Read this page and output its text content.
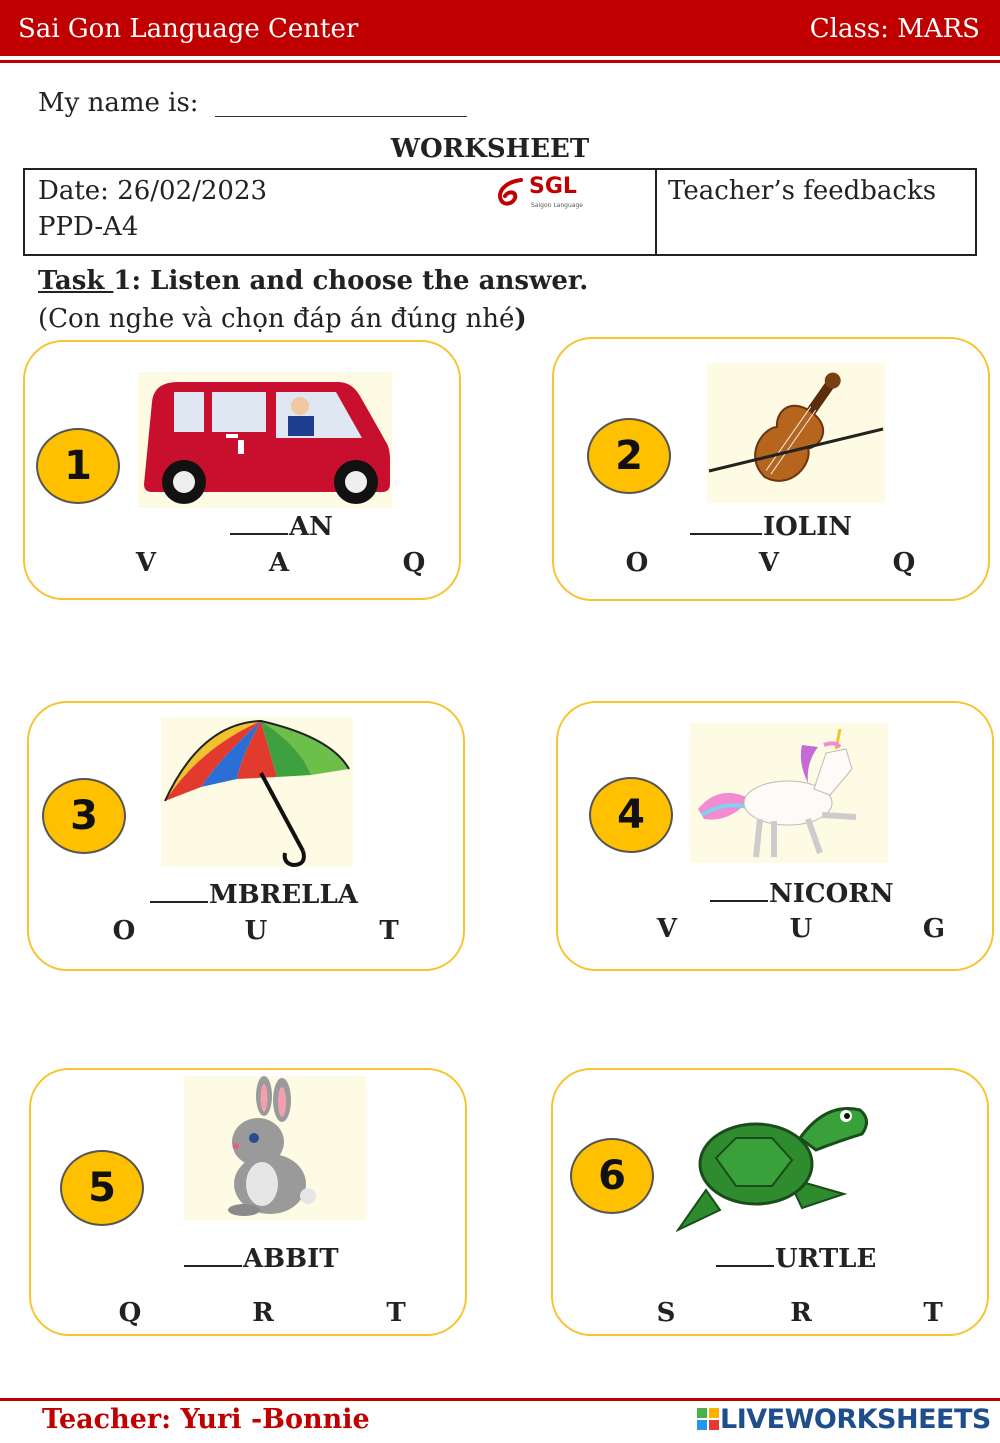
Sai Gon Language Center	Class: MARS
My name is:
WORKSHEET
Date: 26/02/2023
PPD-A4
SGL
Saigon Language	Teacher’s feedbacks
Task 1: Listen and choose the answer.
(Con nghe và chọn đáp án đúng nhé)
1
AN
V	A	Q
2
IOLIN
O	V	Q
3
MBRELLA
O	U	T
4
NICORN
V	U	G
5
ABBIT
Q	R	T
6
URTLE
S	R	T
Teacher: Yuri -Bonnie	LIVEWORKSHEETS
